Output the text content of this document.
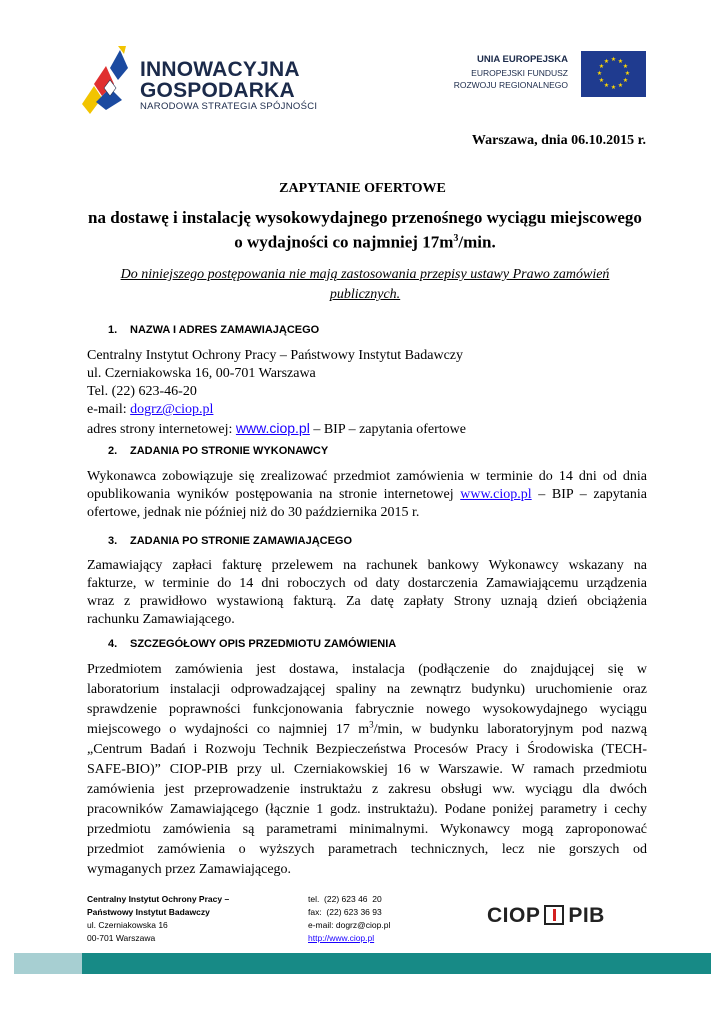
INNOWACYJNA
GOSPODARKA
NARODOWA STRATEGIA SPÓJNOŚCI
UNIA EUROPEJSKA
EUROPEJSKI FUNDUSZ
ROZWOJU REGIONALNEGO
★ ★
★
★
★
★
★
★
★
★
★
★
Warszawa, dnia 06.10.2015 r.
ZAPYTANIE OFERTOWE
na dostawę i instalację wysokowydajnego przenośnego wyciągu miejscowego
o wydajności co najmniej $17m^3/\min$.
Do niniejszego postępowania nie mają zastosowania przepisy ustawy Prawo zamówień
publicznych.
1. NAZWA I ADRES ZAMAWIAJĄCEGO
Centralny Instytut Ochrony Pracy – Państwowy Instytut Badawczy
ul. Czerniakowska 16, 00-701 Warszawa
Tel. (22) 623-46-20
e-mail: dogrz@ciop.pl
adres strony internetowej: www.ciop.pl – BIP – zapytania ofertowe
2. ZADANIA PO STRONIE WYKONAWCY
Wykonawca zobowiązuje się zrealizować przedmiot zamówienia w terminie do 14 dni od dnia
opublikowania wyników postępowania na stronie internetowej www.ciop.pl – BIP – zapytania
ofertowe, jednak nie później niż do 30 października 2015 r.
3. ZADANIA PO STRONIE ZAMAWIAJĄCEGO
Zamawiający zapłaci fakturę przelewem na rachunek bankowy Wykonawcy wskazany na
fakturze, w terminie do 14 dni roboczych od daty dostarczenia Zamawiającemu urządzenia
wraz z prawidłowo wystawioną fakturą. Za datę zapłaty Strony uznają dzień obciążenia
rachunku Zamawiającego.
4. SZCZEGÓŁOWY OPIS PRZEDMIOTU ZAMÓWIENIA
Przedmiotem zamówienia jest dostawa, instalacja (podłączenie do znajdującej się w
laboratorium instalacji odprowadzającej spaliny na zewnątrz budynku) uruchomienie oraz
sprawdzenie poprawności funkcjonowania fabrycznie nowego wysokowydajnego wyciągu
miejscowego o wydajności co najmniej 17 $m^3/\min$, w budynku laboratoryjnym pod nazwą
„Centrum Badań i Rozwoju Technik Bezpieczeństwa Procesów Pracy i Środowiska (TECH-
SAFE-BIO)” CIOP-PIB przy ul. Czerniakowskiej 16 w Warszawie. W ramach przedmiotu
zamówienia jest przeprowadzenie instruktażu z zakresu obsługi ww. wyciągu dla dwóch
pracowników Zamawiającego (łącznie 1 godz. instruktażu). Podane poniżej parametry i cechy
przedmiotu zamówienia są parametrami minimalnymi. Wykonawcy mogą zaproponować
przedmiot zamówienia o wyższych parametrach technicznych, lecz nie gorszych od
wymaganych przez Zamawiającego.
Centralny Instytut Ochrony Pracy –
Państwowy Instytut Badawczy
ul. Czerniakowska 16
00-701 Warszawa
tel.  (22) 623 46  20
fax:  (22) 623 36 93
e-mail: dogrz@ciop.pl
http://www.ciop.pl
CIOP PIB
